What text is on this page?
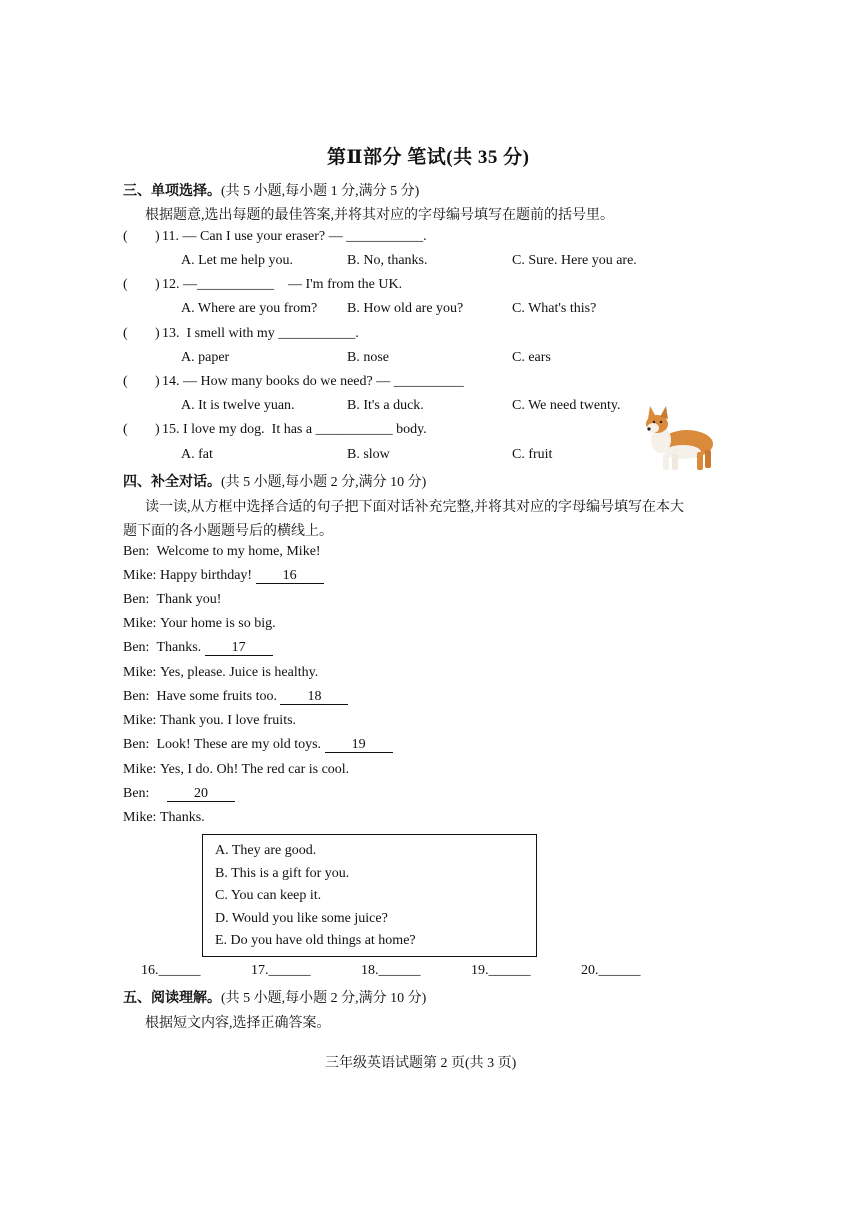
第Ⅱ部分 笔试(共 35 分)
三、单项选择。(共 5 小题,每小题 1 分,满分 5 分)
根据题意,选出每题的最佳答案,并将其对应的字母编号填写在题前的括号里。
( ) 11. — Can I use your eraser? — ___________.
A. Let me help you.	B. No, thanks.	C. Sure. Here you are.
( ) 12. —___________    — I'm from the UK.
A. Where are you from? B. How old are you?	C. What's this?
( ) 13.  I smell with my ___________.
A. paper	B. nose	C. ears
( ) 14. — How many books do we need? — __________
A. It is twelve yuan.	B. It's a duck.	C. We need twenty.
( ) 15. I love my dog.  It has a ___________ body.
A. fat	B. slow	C. fruit
四、补全对话。(共 5 小题,每小题 2 分,满分 10 分)
读一读,从方框中选择合适的句子把下面对话补充完整,并将其对应的字母编号填写在本大
题下面的各小题题号后的横线上。
Ben: Welcome to my home, Mike!
Mike: Happy birthday! 16
Ben: Thank you!
Mike: Your home is so big.
Ben: Thanks. 17
Mike: Yes, please. Juice is healthy.
Ben: Have some fruits too. 18
Mike: Thank you. I love fruits.
Ben: Look! These are my old toys. 19
Mike: Yes, I do. Oh! The red car is cool.
Ben:	20
Mike: Thanks.
A. They are good.
B. This is a gift for you.
C. You can keep it.
D. Would you like some juice?
E. Do you have old things at home?
16.______	17.______	18.______	19.______	20.______
五、阅读理解。(共 5 小题,每小题 2 分,满分 10 分)
根据短文内容,选择正确答案。
三年级英语试题第 2 页(共 3 页)
